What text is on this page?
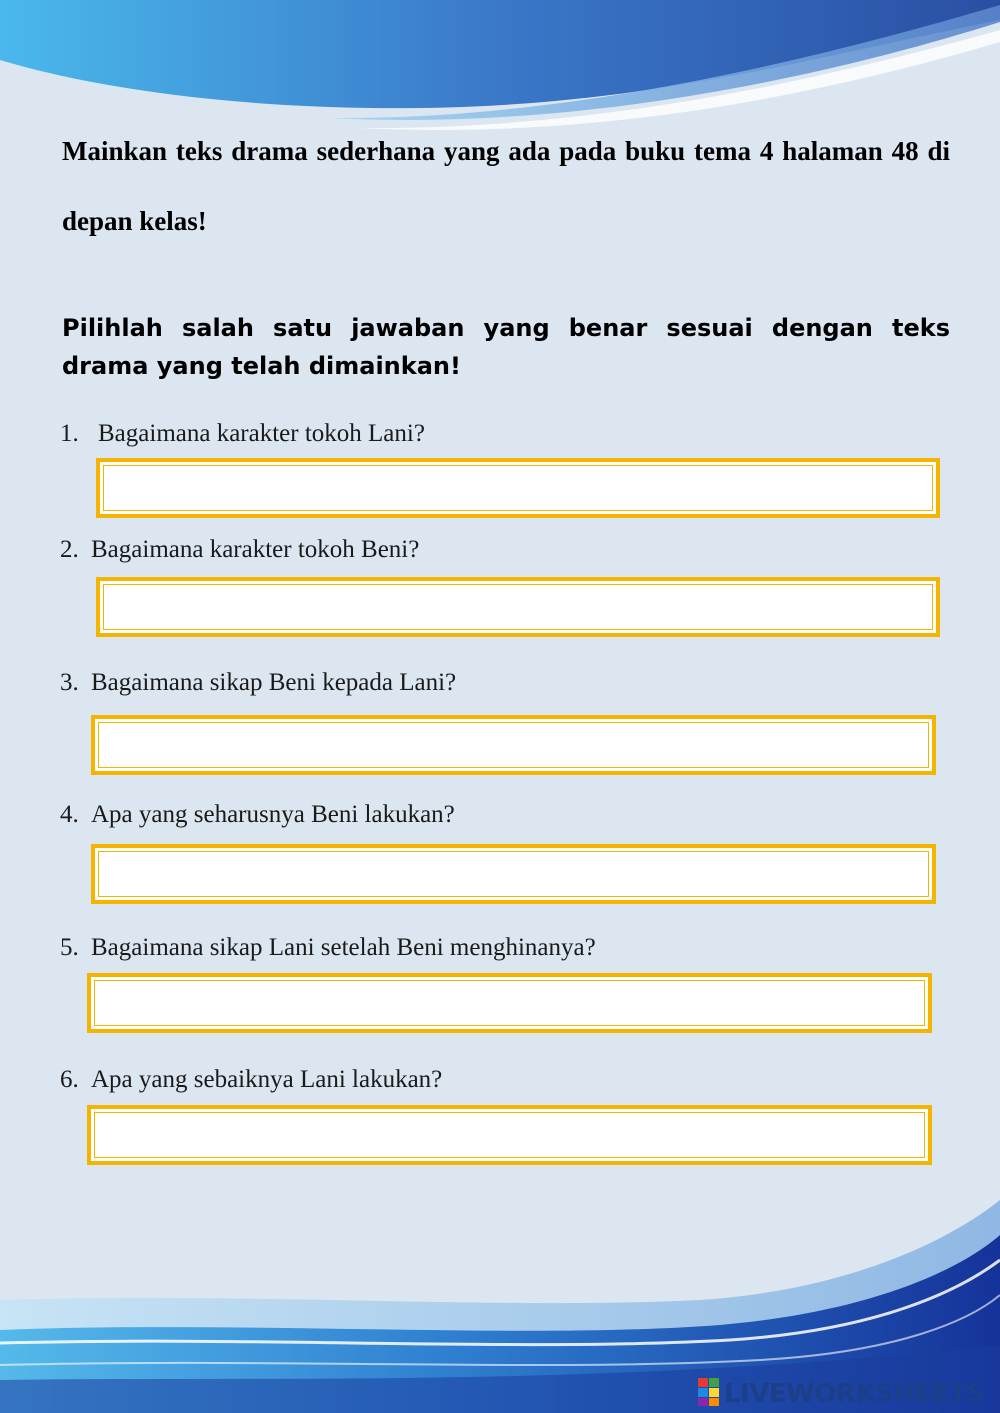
Mainkan teks drama sederhana yang ada pada buku tema 4 halaman 48 di depan kelas!

Pilihlah salah satu jawaban yang benar sesuai dengan teks drama yang telah dimainkan!

1. Bagaimana karakter tokoh Lani?
2. Bagaimana karakter tokoh Beni?
3. Bagaimana sikap Beni kepada Lani?
4. Apa yang seharusnya Beni lakukan?
5. Bagaimana sikap Lani setelah Beni menghinanya?
6. Apa yang sebaiknya Lani lakukan?
LIVEWORKSHEETS
